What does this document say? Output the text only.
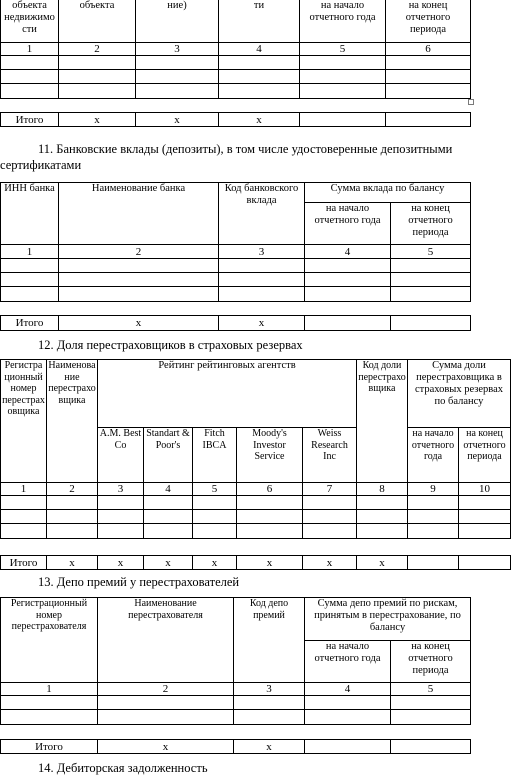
объекта недвижимости	объекта	ние)	ти	на начало отчетного года	на конец отчетного периода
1	2	3	4	5	6

Итого	x	x	x		
11. Банковские вклады (депозиты), в том числе удостоверенные депозитными сертификатами
ИНН банка	Наименование банка	Код банковского вклада	Сумма вклада по балансу	
			на начало отчетного года	на конец отчетного периода
1	2	3	4	5

Итого	x	x		
12. Доля перестраховщиков в страховых резервах
Регистрационный номер перестраховщика	Наименование перестраховщика	Рейтинг рейтинговых агентств					Код доли перестраховщика	Сумма доли перестраховщика в страховых резервах по балансу	
		A.M. Best Co	Standart & Poor's	Fitch IBCA	Moody's Investor Service	Weiss Research Inc		на начало отчетного года	на конец отчетного периода
1	2	3	4	5	6	7	8	9	10

Итого	x	x	x	x	x	x	x		
13. Депо премий у перестрахователей
Регистрационный номер перестрахователя	Наименование перестрахователя	Код депо премий	Сумма депо премий по рискам, принятым в перестрахование, по балансу	
			на начало отчетного года	на конец отчетного периода
1	2	3	4	5

Итого	x	x		
14. Дебиторская задолженность
